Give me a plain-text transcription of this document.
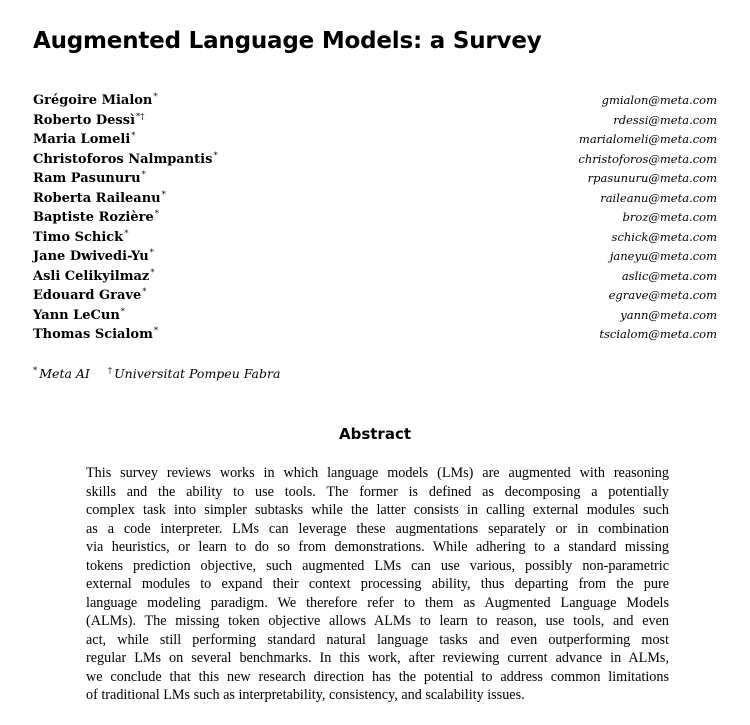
Augmented Language Models: a Survey
Grégoire Mialon*	gmialon@meta.com
Roberto Dessì*†	rdessi@meta.com
Maria Lomeli*	marialomeli@meta.com
Christoforos Nalmpantis*	christoforos@meta.com
Ram Pasunuru*	rpasunuru@meta.com
Roberta Raileanu*	raileanu@meta.com
Baptiste Rozière*	broz@meta.com
Timo Schick*	schick@meta.com
Jane Dwivedi-Yu*	janeyu@meta.com
Asli Celikyilmaz*	aslic@meta.com
Edouard Grave*	egrave@meta.com
Yann LeCun*	yann@meta.com
Thomas Scialom*	tscialom@meta.com

* Meta AI † Universitat Pompeu Fabra

Abstract
This survey reviews works in which language models (LMs) are augmented with reasoning
skills and the ability to use tools. The former is defined as decomposing a potentially
complex task into simpler subtasks while the latter consists in calling external modules such
as a code interpreter. LMs can leverage these augmentations separately or in combination
via heuristics, or learn to do so from demonstrations. While adhering to a standard missing
tokens prediction objective, such augmented LMs can use various, possibly non-parametric
external modules to expand their context processing ability, thus departing from the pure
language modeling paradigm. We therefore refer to them as Augmented Language Models
(ALMs). The missing token objective allows ALMs to learn to reason, use tools, and even
act, while still performing standard natural language tasks and even outperforming most
regular LMs on several benchmarks. In this work, after reviewing current advance in ALMs,
we conclude that this new research direction has the potential to address common limitations
of traditional LMs such as interpretability, consistency, and scalability issues.
